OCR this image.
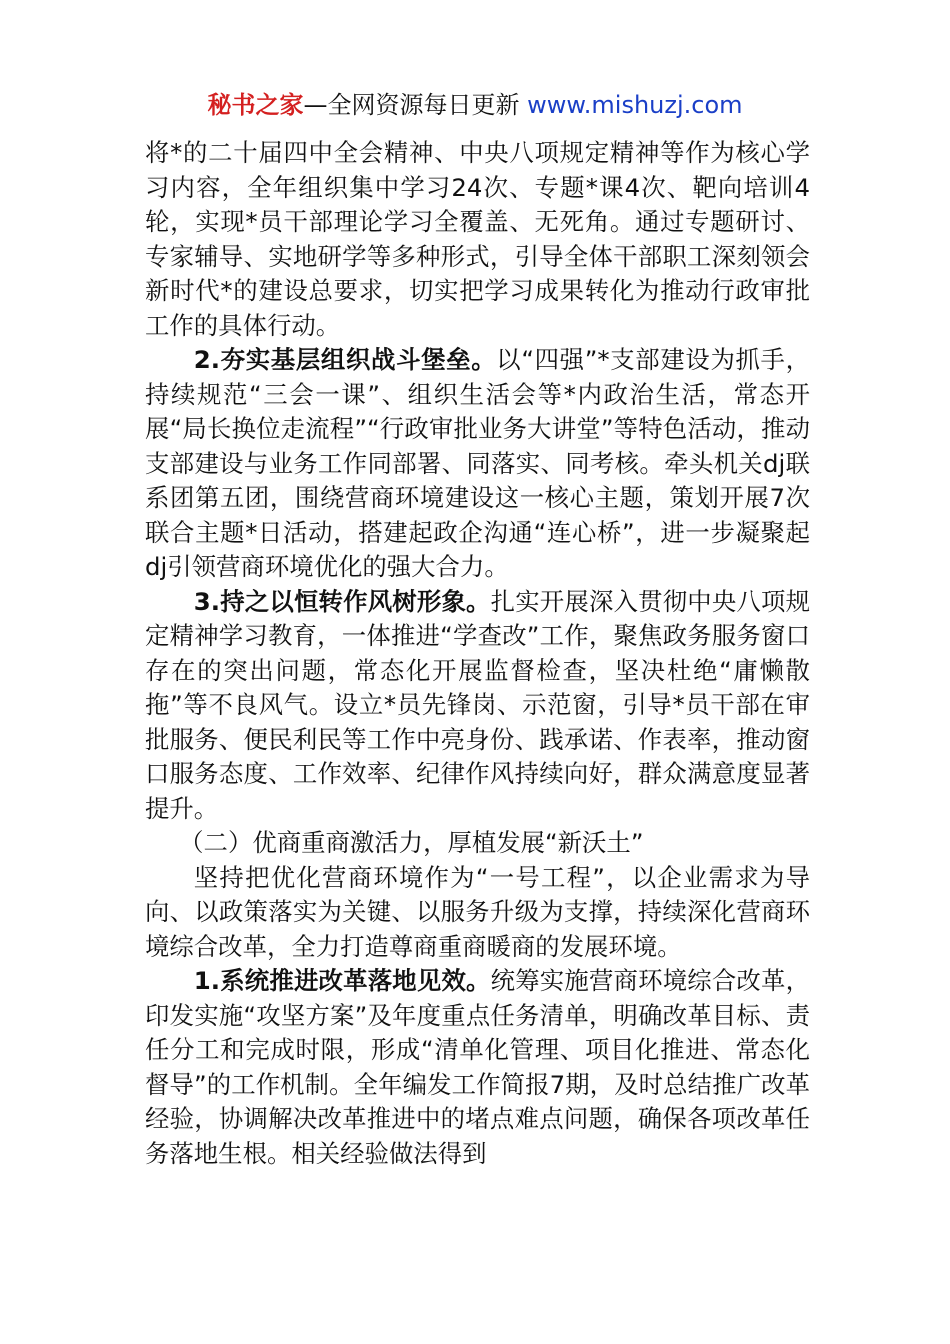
秘书之家—全网资源每日更新 www.mishuzj.com

将*的二十届四中全会精神、中央八项规定精神等作为核心学习内容，全年组织集中学习24次、专题*课4次、靶向培训4轮，实现*员干部理论学习全覆盖、无死角。通过专题研讨、专家辅导、实地研学等多种形式，引导全体干部职工深刻领会新时代*的建设总要求，切实把学习成果转化为推动行政审批工作的具体行动。

2.夯实基层组织战斗堡垒。以“四强”*支部建设为抓手，持续规范“三会一课”、组织生活会等*内政治生活，常态开展“局长换位走流程”“行政审批业务大讲堂”等特色活动，推动支部建设与业务工作同部署、同落实、同考核。牵头机关dj联系团第五团，围绕营商环境建设这一核心主题，策划开展7次联合主题*日活动，搭建起政企沟通“连心桥”，进一步凝聚起dj引领营商环境优化的强大合力。

3.持之以恒转作风树形象。扎实开展深入贯彻中央八项规定精神学习教育，一体推进“学查改”工作，聚焦政务服务窗口存在的突出问题，常态化开展监督检查，坚决杜绝“庸懒散拖”等不良风气。设立*员先锋岗、示范窗，引导*员干部在审批服务、便民利民等工作中亮身份、践承诺、作表率，推动窗口服务态度、工作效率、纪律作风持续向好，群众满意度显著提升。

（二）优商重商激活力，厚植发展“新沃土”

坚持把优化营商环境作为“一号工程”，以企业需求为导向、以政策落实为关键、以服务升级为支撑，持续深化营商环境综合改革，全力打造尊商重商暖商的发展环境。

1.系统推进改革落地见效。统筹实施营商环境综合改革，印发实施“攻坚方案”及年度重点任务清单，明确改革目标、责任分工和完成时限，形成“清单化管理、项目化推进、常态化督导”的工作机制。全年编发工作简报7期，及时总结推广改革经验，协调解决改革推进中的堵点难点问题，确保各项改革任务落地生根。相关经验做法得到
